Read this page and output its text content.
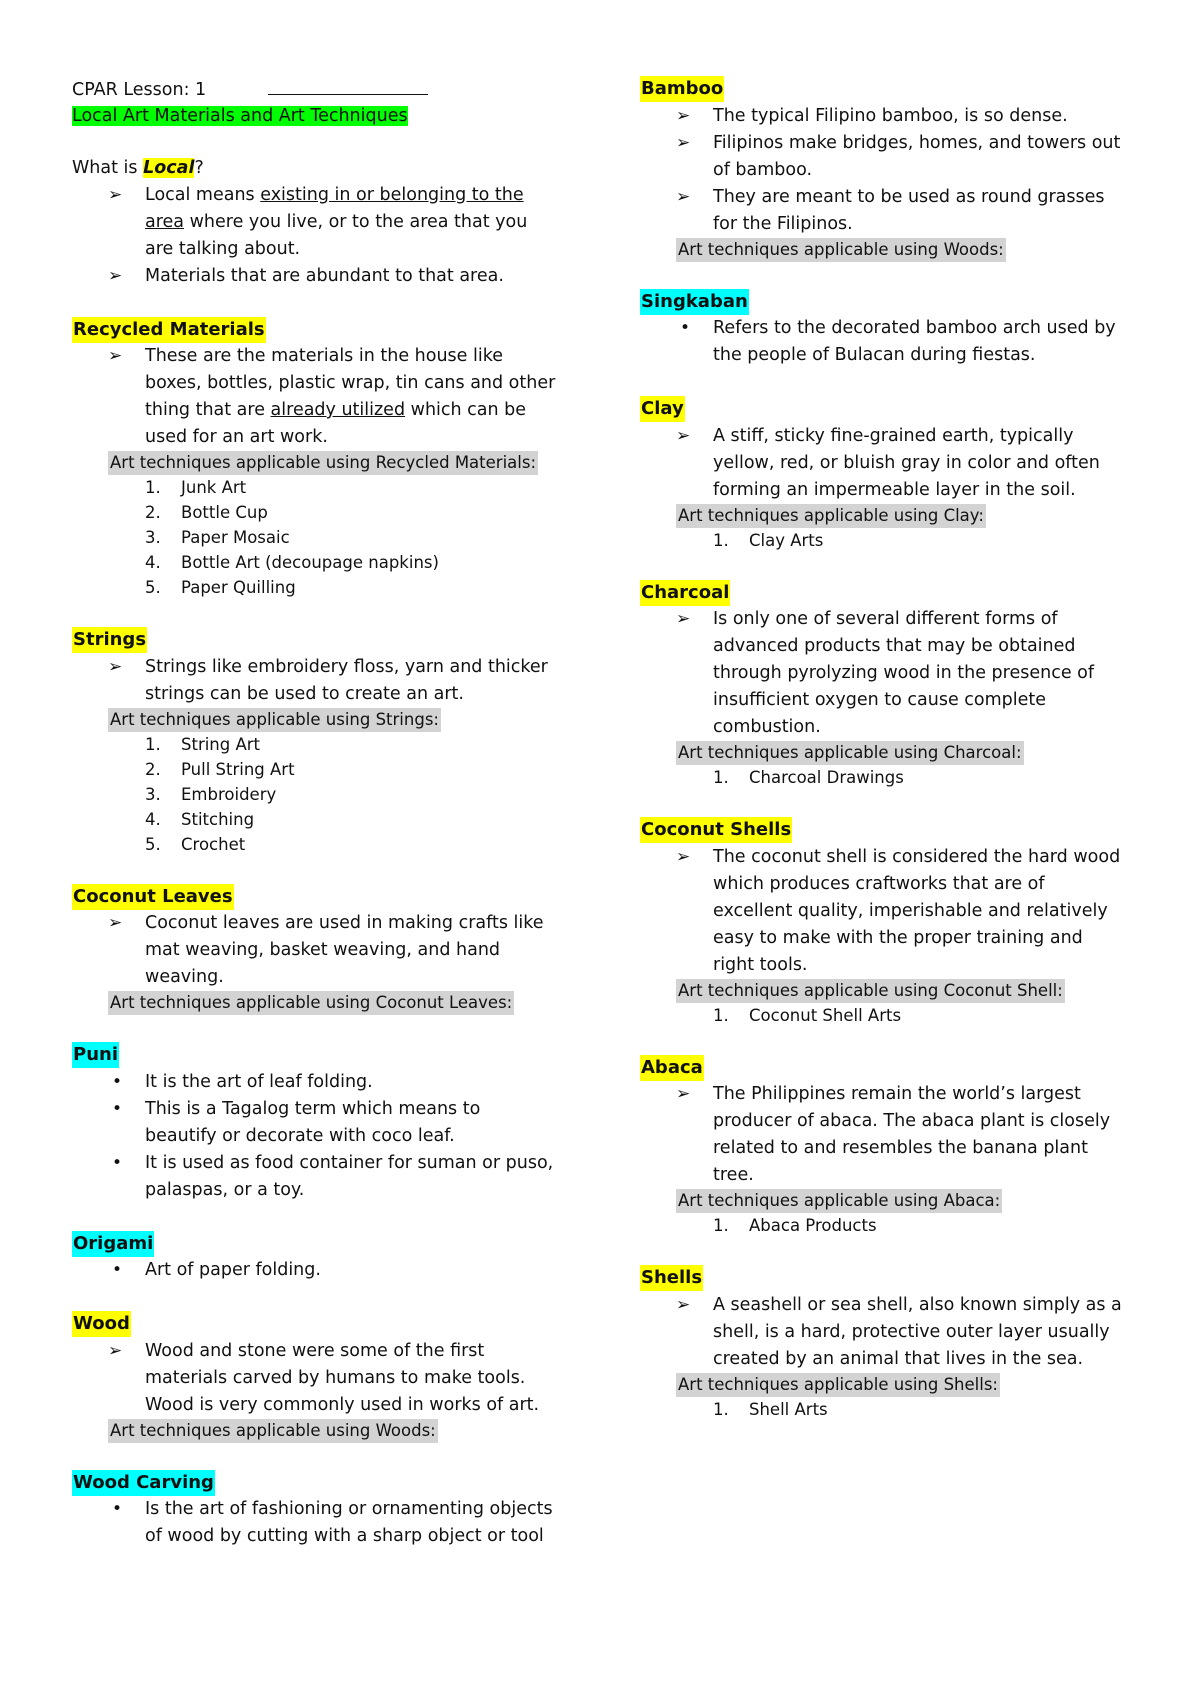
CPAR Lesson: 1
Local Art Materials and Art Techniques
What is Local?
➢ Local means existing in or belonging to the
area where you live, or to the area that you
are talking about.
➢ Materials that are abundant to that area.
Recycled Materials
➢ These are the materials in the house like
boxes, bottles, plastic wrap, tin cans and other
thing that are already utilized which can be
used for an art work.
Art techniques applicable using Recycled Materials:
1. Junk Art
2. Bottle Cup
3. Paper Mosaic
4. Bottle Art (decoupage napkins)
5. Paper Quilling
Strings
➢ Strings like embroidery floss, yarn and thicker
strings can be used to create an art.
Art techniques applicable using Strings:
1. String Art
2. Pull String Art
3. Embroidery
4. Stitching
5. Crochet
Coconut Leaves
➢ Coconut leaves are used in making crafts like
mat weaving, basket weaving, and hand
weaving.
Art techniques applicable using Coconut Leaves:
Puni
• It is the art of leaf folding.
• This is a Tagalog term which means to
beautify or decorate with coco leaf.
• It is used as food container for suman or puso,
palaspas, or a toy.
Origami
• Art of paper folding.
Wood
➢ Wood and stone were some of the first
materials carved by humans to make tools.
Wood is very commonly used in works of art.
Art techniques applicable using Woods:
Wood Carving
• Is the art of fashioning or ornamenting objects
of wood by cutting with a sharp object or tool
Bamboo
➢ The typical Filipino bamboo, is so dense.
➢ Filipinos make bridges, homes, and towers out
of bamboo.
➢ They are meant to be used as round grasses
for the Filipinos.
Art techniques applicable using Woods:
Singkaban
• Refers to the decorated bamboo arch used by
the people of Bulacan during fiestas.
Clay
➢ A stiff, sticky fine-grained earth, typically
yellow, red, or bluish gray in color and often
forming an impermeable layer in the soil.
Art techniques applicable using Clay:
1. Clay Arts
Charcoal
➢ Is only one of several different forms of
advanced products that may be obtained
through pyrolyzing wood in the presence of
insufficient oxygen to cause complete
combustion.
Art techniques applicable using Charcoal:
1. Charcoal Drawings
Coconut Shells
➢ The coconut shell is considered the hard wood
which produces craftworks that are of
excellent quality, imperishable and relatively
easy to make with the proper training and
right tools.
Art techniques applicable using Coconut Shell:
1. Coconut Shell Arts
Abaca
➢ The Philippines remain the world’s largest
producer of abaca. The abaca plant is closely
related to and resembles the banana plant
tree.
Art techniques applicable using Abaca:
1. Abaca Products
Shells
➢ A seashell or sea shell, also known simply as a
shell, is a hard, protective outer layer usually
created by an animal that lives in the sea.
Art techniques applicable using Shells:
1. Shell Arts
